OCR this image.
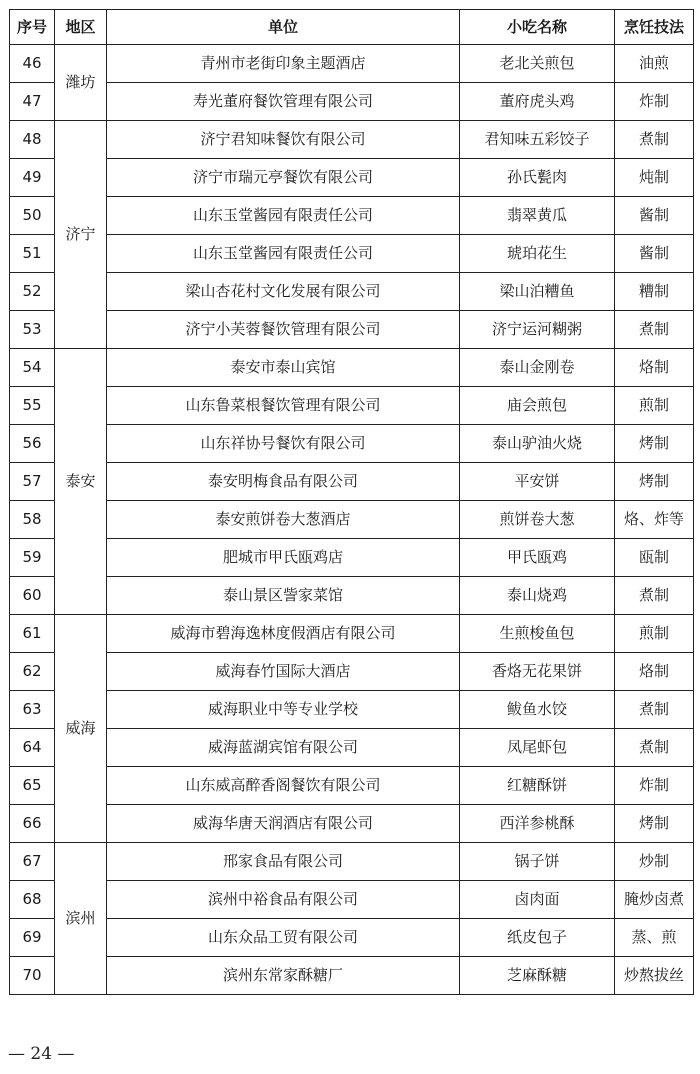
序号	地区	单位	小吃名称	烹饪技法
46	潍坊	青州市老街印象主题酒店	老北关煎包	油煎
47		寿光董府餐饮管理有限公司	董府虎头鸡	炸制
48	济宁	济宁君知味餐饮有限公司	君知味五彩饺子	煮制
49		济宁市瑞元亭餐饮有限公司	孙氏甏肉	炖制
50		山东玉堂酱园有限责任公司	翡翠黄瓜	酱制
51		山东玉堂酱园有限责任公司	琥珀花生	酱制
52		梁山杏花村文化发展有限公司	梁山泊糟鱼	糟制
53		济宁小芙蓉餐饮管理有限公司	济宁运河糊粥	煮制
54	泰安	泰安市泰山宾馆	泰山金刚卷	烙制
55		山东鲁菜根餐饮管理有限公司	庙会煎包	煎制
56		山东祥协号餐饮有限公司	泰山驴油火烧	烤制
57		泰安明梅食品有限公司	平安饼	烤制
58		泰安煎饼卷大葱酒店	煎饼卷大葱	烙、炸等
59		肥城市甲氏瓯鸡店	甲氏瓯鸡	瓯制
60		泰山景区訾家菜馆	泰山烧鸡	煮制
61	威海	威海市碧海逸林度假酒店有限公司	生煎梭鱼包	煎制
62		威海春竹国际大酒店	香烙无花果饼	烙制
63		威海职业中等专业学校	鲅鱼水饺	煮制
64		威海蓝湖宾馆有限公司	凤尾虾包	煮制
65		山东威高醉香阁餐饮有限公司	红糖酥饼	炸制
66		威海华唐天润酒店有限公司	西洋参桃酥	烤制
67	滨州	邢家食品有限公司	锅子饼	炒制
68		滨州中裕食品有限公司	卤肉面	腌炒卤煮
69		山东众品工贸有限公司	纸皮包子	蒸、煎
70		滨州东常家酥糖厂	芝麻酥糖	炒熬拔丝
— 24 —
